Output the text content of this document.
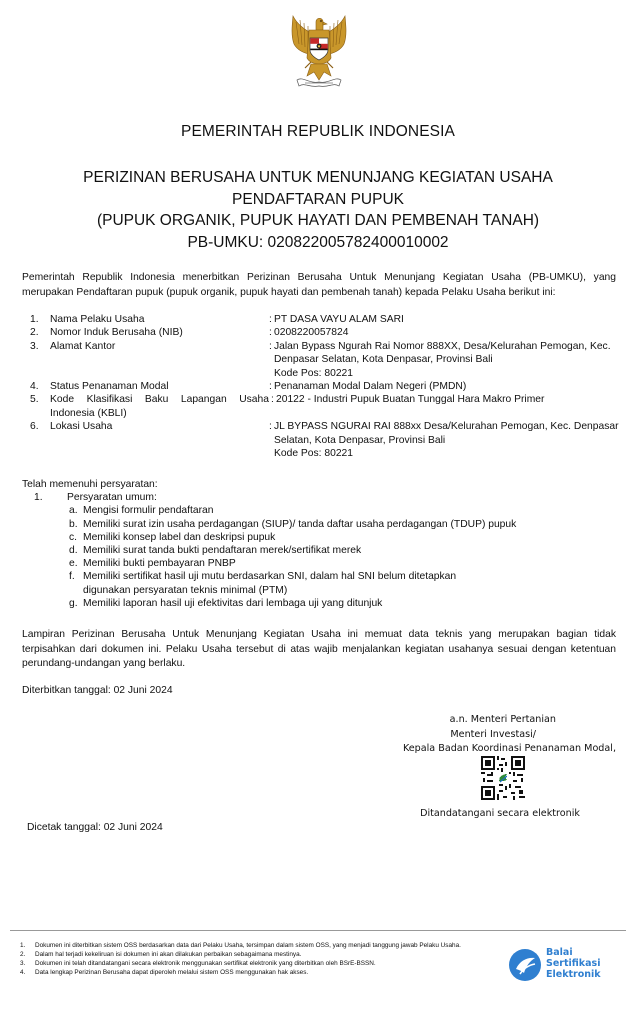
PEMERINTAH REPUBLIK INDONESIA
PERIZINAN BERUSAHA UNTUK MENUNJANG KEGIATAN USAHA
PENDAFTARAN PUPUK
(PUPUK ORGANIK, PUPUK HAYATI DAN PEMBENAH TANAH)
PB-UMKU: 020822005782400010002
Pemerintah Republik Indonesia menerbitkan Perizinan Berusaha Untuk Menunjang Kegiatan Usaha (PB-UMKU), yang merupakan Pendaftaran pupuk (pupuk organik, pupuk hayati dan pembenah tanah) kepada Pelaku Usaha berikut ini:
1.	Nama Pelaku Usaha	: PT DASA VAYU ALAM SARI
2.	Nomor Induk Berusaha (NIB)	: 0208220057824
3.	Alamat Kantor	: Jalan Bypass Ngurah Rai Nomor 888XX, Desa/Kelurahan Pemogan, Kec. Denpasar Selatan, Kota Denpasar, Provinsi Bali
Kode Pos: 80221
4.	Status Penanaman Modal	: Penanaman Modal Dalam Negeri (PMDN)
5.	Kode Klasifikasi Baku Lapangan Usaha Indonesia (KBLI)
: 20122 - Industri Pupuk Buatan Tunggal Hara Makro Primer
6.	Lokasi Usaha	: JL BYPASS NGURAI RAI 888xx Desa/Kelurahan Pemogan, Kec. Denpasar Selatan, Kota Denpasar, Provinsi Bali
Kode Pos: 80221
Telah memenuhi persyaratan:
1.	Persyaratan umum:
a. Mengisi formulir pendaftaran
b. Memiliki surat izin usaha perdagangan (SIUP)/ tanda daftar usaha perdagangan (TDUP) pupuk
c. Memiliki konsep label dan deskripsi pupuk
d. Memiliki surat tanda bukti pendaftaran merek/sertifikat merek
e. Memiliki bukti pembayaran PNBP
f. Memiliki sertifikat hasil uji mutu berdasarkan SNI, dalam hal SNI belum ditetapkan digunakan persyaratan teknis minimal (PTM)
g. Memiliki laporan hasil uji efektivitas dari lembaga uji yang ditunjuk
Lampiran Perizinan Berusaha Untuk Menunjang Kegiatan Usaha ini memuat data teknis yang merupakan bagian tidak terpisahkan dari dokumen ini. Pelaku Usaha tersebut di atas wajib menjalankan kegiatan usahanya sesuai dengan ketentuan perundang-undangan yang berlaku.
Diterbitkan tanggal: 02 Juni 2024
a.n. Menteri Pertanian
Menteri Investasi/
Kepala Badan Koordinasi Penanaman Modal,
Ditandatangani secara elektronik
Dicetak tanggal: 02 Juni 2024
1.	Dokumen ini diterbitkan sistem OSS berdasarkan data dari Pelaku Usaha, tersimpan dalam sistem OSS, yang menjadi tanggung jawab Pelaku Usaha.
2.	Dalam hal terjadi kekeliruan isi dokumen ini akan dilakukan perbaikan sebagaimana mestinya.
3.	Dokumen ini telah ditandatangani secara elektronik menggunakan sertifikat elektronik yang diterbitkan oleh BSrE-BSSN.
4.	Data lengkap Perizinan Berusaha dapat diperoleh melalui sistem OSS menggunakan hak akses.
Balai
Sertifikasi
Elektronik
